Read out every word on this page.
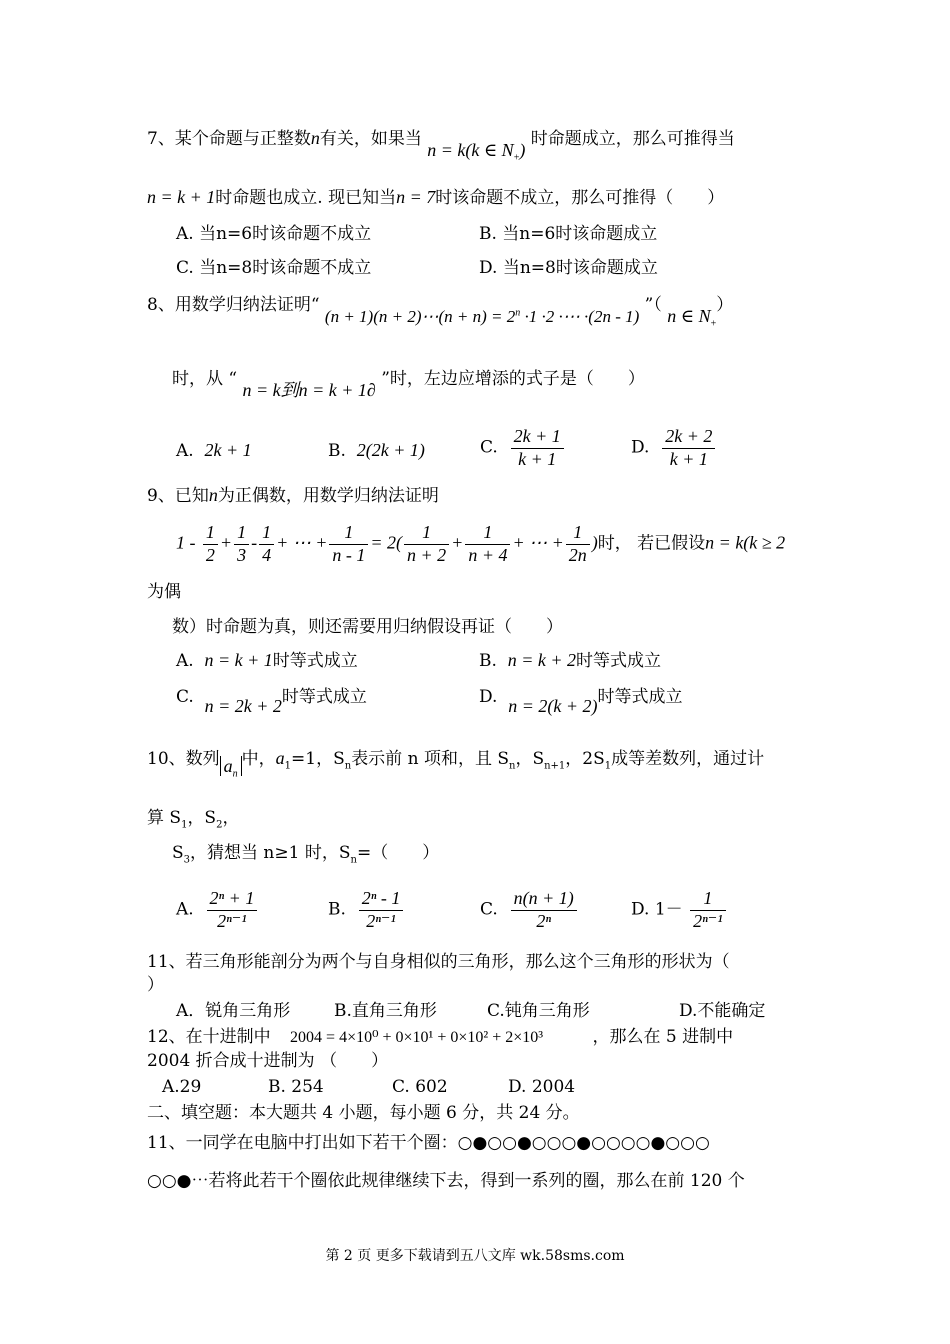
7、某个命题与正整数n有关，如果当 n = k(k ∈ $N_+$) 时命题成立，那么可推得当
n = k + 1时命题也成立. 现已知当n = 7时该命题不成立，那么可推得（　　）
A. 当n=6时该命题不成立	B. 当n=6时该命题成立
C. 当n=8时该命题不成立	D. 当n=8时该命题成立
8、用数学归纳法证明“ (n + 1)(n + 2)⋯(n + $n) = 2^n \cdot 1 \cdot 2$ ·⋯ ·(2n - 1) ”（ n ∈ $N_+$）
时，从 “ n = k到n = k + 1∂ ”时，左边应增添的式子是（　　）
A. 2k + 1	B. 2(2k + 1)	C. $\frac{2k + 1}{k + 1}$	D. $\frac{2k + 2}{k + 1}$
9、已知n为正偶数，用数学归纳法证明
$1 - \frac{1}{2} + \frac{1}{3} - \frac{1}{4}$ + ⋯ + $\frac{1}{n - 1} = 2( \frac{1}{n + 2} + \frac{1}{n + 4}$ + ⋯ + $\frac{1}{2n}$ )时， 若已假设n = k(k ≥ 2
为偶
数）时命题为真，则还需要用归纳假设再证（　　）
A. n = k + 1时等式成立	B. n = k + 2时等式成立
C. n = 2k + 2时等式成立	D. n = 2(k + 2)时等式成立
10、数列 $a_n$中，$a_1=1$，$S_n$表示前 n 项和，且 $S_n$，$S_{n+1}$，$2S_1$成等差数列，通过计
算 $S_1$，$S_2$，
$S_3$，猜想当 n≥1 时，$S_n=$（　　）
A. $\frac{\text{2ⁿ + 1}}{\text{2ⁿ⁻¹}}$	B. $\frac{\text{2ⁿ - 1}}{\text{2ⁿ⁻¹}}$	C. $\frac{n(n + 1)}{\text{2ⁿ}}$	D. $1- \frac{1}{\text{2ⁿ⁻¹}}$
11、若三角形能剖分为两个与自身相似的三角形，那么这个三角形的形状为（
）
A．锐角三角形	B.直角三角形	C.钝角三角形	D.不能确定
12、在十进制中 2004 = 4×10⁰ + 0×10¹ + 0×10² + 2×10³	，那么在 5 进制中
2004 折合成十进制为 （　　）
A.29	B. 254	C. 602	D. 2004
二、填空题：本大题共 4 小题，每小题 6 分，共 24 分。
11、一同学在电脑中打出如下若干个圈：○●○○●○○○●○○○○●○○○
○○●⋯若将此若干个圈依此规律继续下去，得到一系列的圈，那么在前 120 个
第 2 页 更多下载请到五八文库 wk.58sms.com
